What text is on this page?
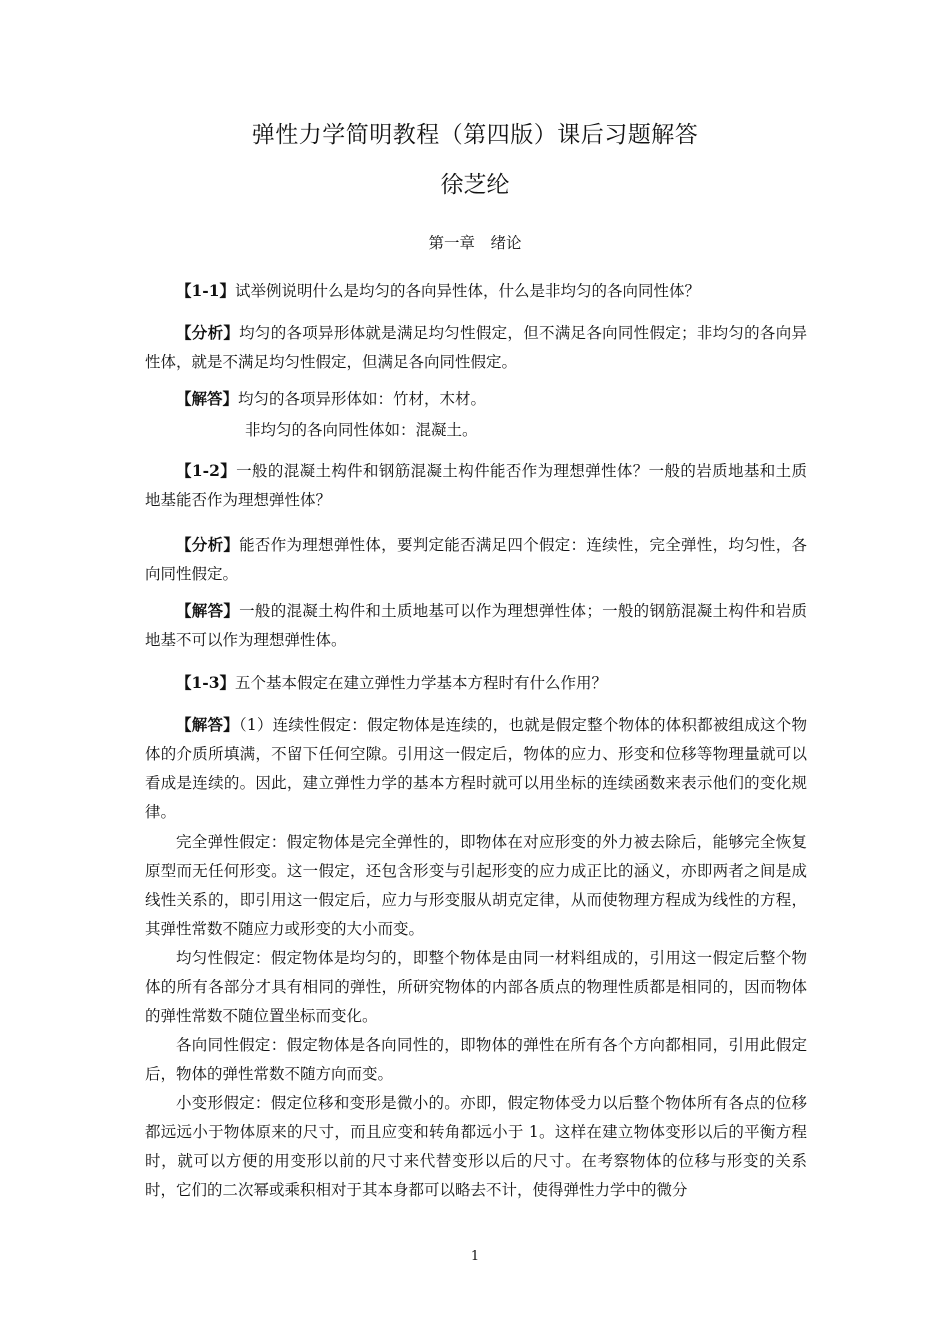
弹性力学简明教程（第四版）课后习题解答
徐芝纶
第一章　绪论

【1-1】试举例说明什么是均匀的各向异性体，什么是非均匀的各向同性体？

【分析】均匀的各项异形体就是满足均匀性假定，但不满足各向同性假定；非均匀的各向异性体，就是不满足均匀性假定，但满足各向同性假定。

【解答】均匀的各项异形体如：竹材，木材。

非均匀的各向同性体如：混凝土。

【1-2】一般的混凝土构件和钢筋混凝土构件能否作为理想弹性体？一般的岩质地基和土质地基能否作为理想弹性体？

【分析】能否作为理想弹性体，要判定能否满足四个假定：连续性，完全弹性，均匀性，各向同性假定。

【解答】一般的混凝土构件和土质地基可以作为理想弹性体；一般的钢筋混凝土构件和岩质地基不可以作为理想弹性体。

【1-3】五个基本假定在建立弹性力学基本方程时有什么作用？

【解答】（1）连续性假定：假定物体是连续的，也就是假定整个物体的体积都被组成这个物体的介质所填满，不留下任何空隙。引用这一假定后，物体的应力、形变和位移等物理量就可以看成是连续的。因此，建立弹性力学的基本方程时就可以用坐标的连续函数来表示他们的变化规律。

完全弹性假定：假定物体是完全弹性的，即物体在对应形变的外力被去除后，能够完全恢复原型而无任何形变。这一假定，还包含形变与引起形变的应力成正比的涵义，亦即两者之间是成线性关系的，即引用这一假定后，应力与形变服从胡克定律，从而使物理方程成为线性的方程，其弹性常数不随应力或形变的大小而变。

均匀性假定：假定物体是均匀的，即整个物体是由同一材料组成的，引用这一假定后整个物体的所有各部分才具有相同的弹性，所研究物体的内部各质点的物理性质都是相同的，因而物体的弹性常数不随位置坐标而变化。

各向同性假定：假定物体是各向同性的，即物体的弹性在所有各个方向都相同，引用此假定后，物体的弹性常数不随方向而变。

小变形假定：假定位移和变形是微小的。亦即，假定物体受力以后整个物体所有各点的位移都远远小于物体原来的尺寸，而且应变和转角都远小于 1。这样在建立物体变形以后的平衡方程时，就可以方便的用变形以前的尺寸来代替变形以后的尺寸。在考察物体的位移与形变的关系时，它们的二次幂或乘积相对于其本身都可以略去不计，使得弹性力学中的微分

1
